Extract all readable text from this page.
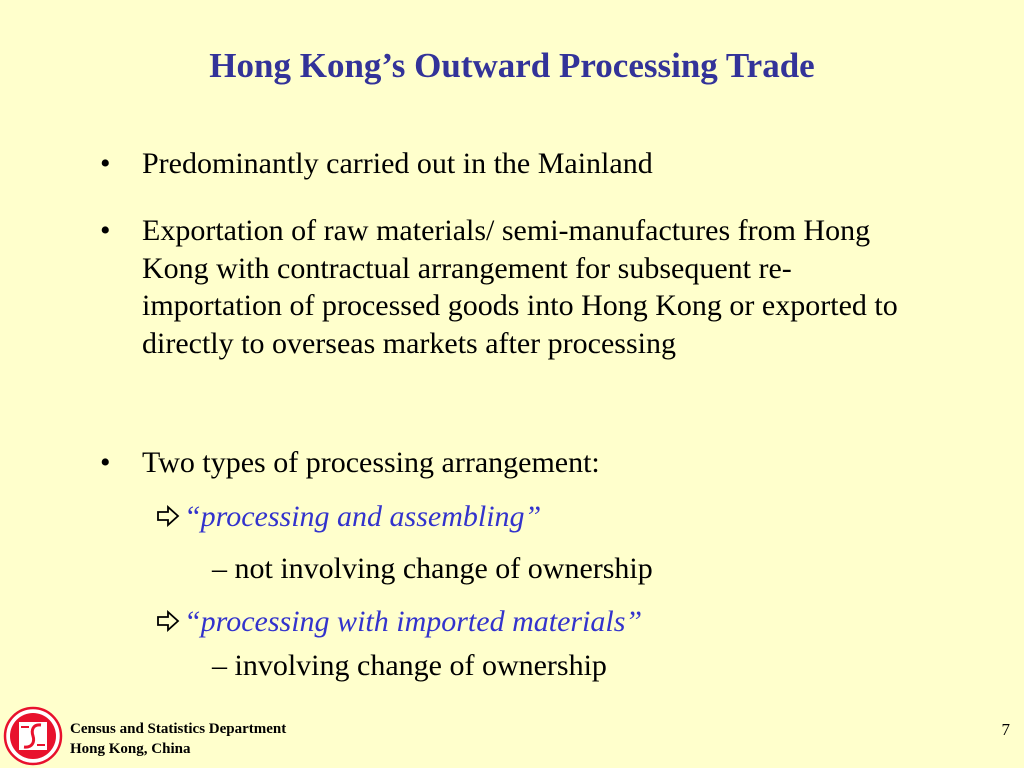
Hong Kong’s Outward Processing Trade
•	Predominantly carried out in the Mainland
•	Exportation of raw materials/ semi-manufactures from Hong Kong with contractual arrangement for subsequent re-importation of processed goods into Hong Kong or exported to directly to overseas markets after processing
•	Two types of processing arrangement:
“processing and assembling”
– not involving change of ownership
“processing with imported materials”
– involving change of ownership
Census and Statistics Department
Hong Kong, China
7
